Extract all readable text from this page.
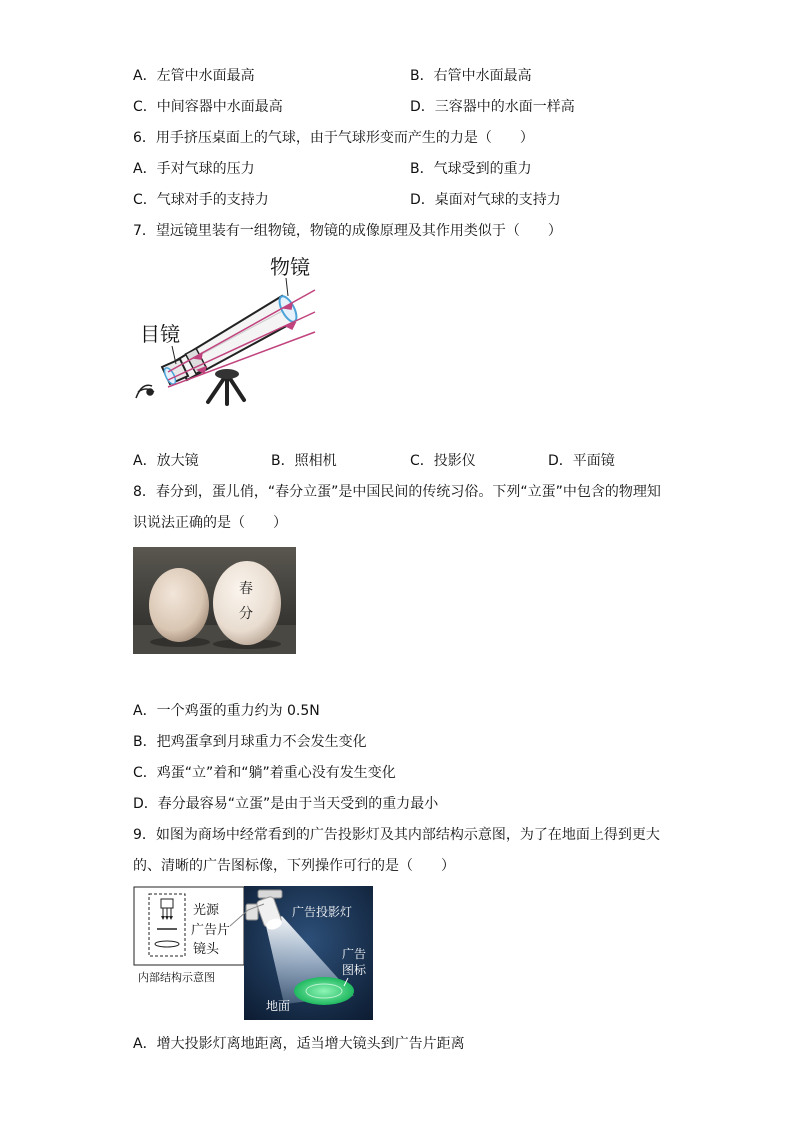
A．左管中水面最高	B．右管中水面最高
C．中间容器中水面最高	D．三容器中的水面一样高
6．用手挤压桌面上的气球，由于气球形变而产生的力是（　　）
A．手对气球的压力	B．气球受到的重力
C．气球对手的支持力	D．桌面对气球的支持力
7．望远镜里装有一组物镜，物镜的成像原理及其作用类似于（　　）
物镜
目镜
A．放大镜	B．照相机	C．投影仪	D．平面镜
8．春分到，蛋儿俏，“春分立蛋”是中国民间的传统习俗。下列“立蛋”中包含的物理知
识说法正确的是（　　）
春
分
A．一个鸡蛋的重力约为 0.5N
B．把鸡蛋拿到月球重力不会发生变化
C．鸡蛋“立”着和“躺”着重心没有发生变化
D．春分最容易“立蛋”是由于当天受到的重力最小
9．如图为商场中经常看到的广告投影灯及其内部结构示意图，为了在地面上得到更大
的、清晰的广告图标像，下列操作可行的是（　　）
光源
广告片
镜头
内部结构示意图
广告投影灯
广告
图标
地面
A．增大投影灯离地距离，适当增大镜头到广告片距离
